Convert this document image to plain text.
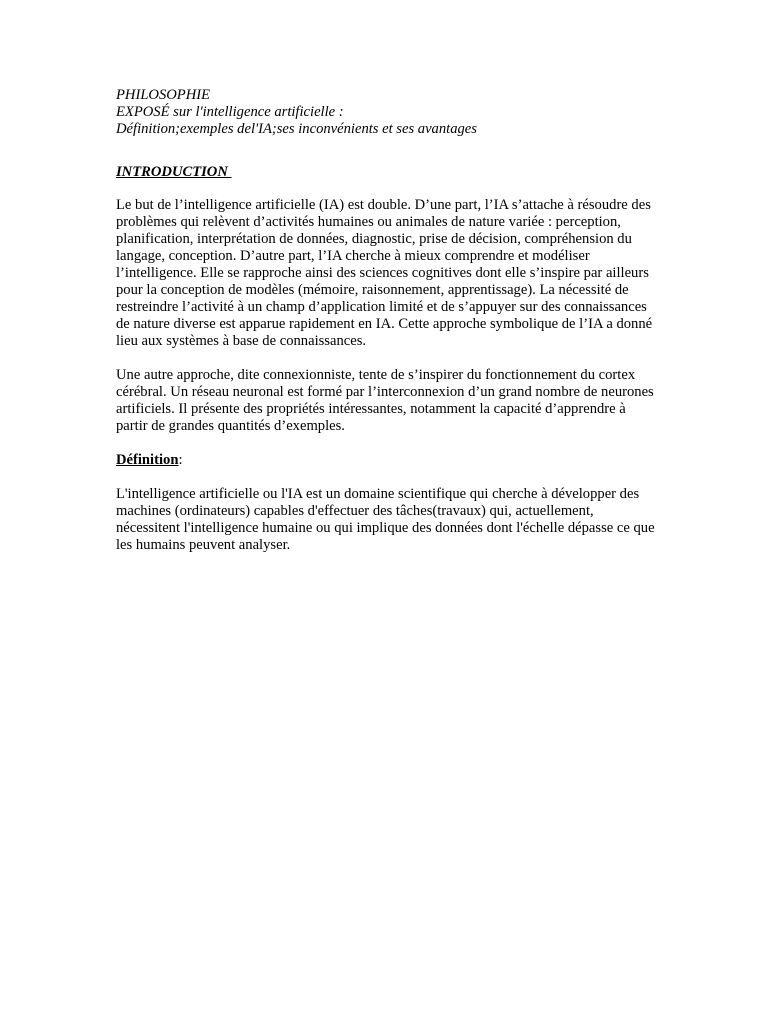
PHILOSOPHIE
EXPOSÉ sur l'intelligence artificielle :
Définition;exemples del'IA;ses inconvénients et ses avantages
INTRODUCTION

Le but de l’intelligence artificielle (IA) est double. D’une part, l’IA s’attache à résoudre des problèmes qui relèvent d’activités humaines ou animales de nature variée : perception, planification, interprétation de données, diagnostic, prise de décision, compréhension du langage, conception. D’autre part, l’IA cherche à mieux comprendre et modéliser l’intelligence. Elle se rapproche ainsi des sciences cognitives dont elle s’inspire par ailleurs pour la conception de modèles (mémoire, raisonnement, apprentissage). La nécessité de restreindre l’activité à un champ d’application limité et de s’appuyer sur des connaissances de nature diverse est apparue rapidement en IA. Cette approche symbolique de l’IA a donné lieu aux systèmes à base de connaissances.

Une autre approche, dite connexionniste, tente de s’inspirer du fonctionnement du cortex cérébral. Un réseau neuronal est formé par l’interconnexion d’un grand nombre de neurones artificiels. Il présente des propriétés intéressantes, notamment la capacité d’apprendre à partir de grandes quantités d’exemples.

Définition:

L'intelligence artificielle ou l'IA est un domaine scientifique qui cherche à développer des machines (ordinateurs) capables d'effectuer des tâches(travaux) qui, actuellement, nécessitent l'intelligence humaine ou qui implique des données dont l'échelle dépasse ce que les humains peuvent analyser.
